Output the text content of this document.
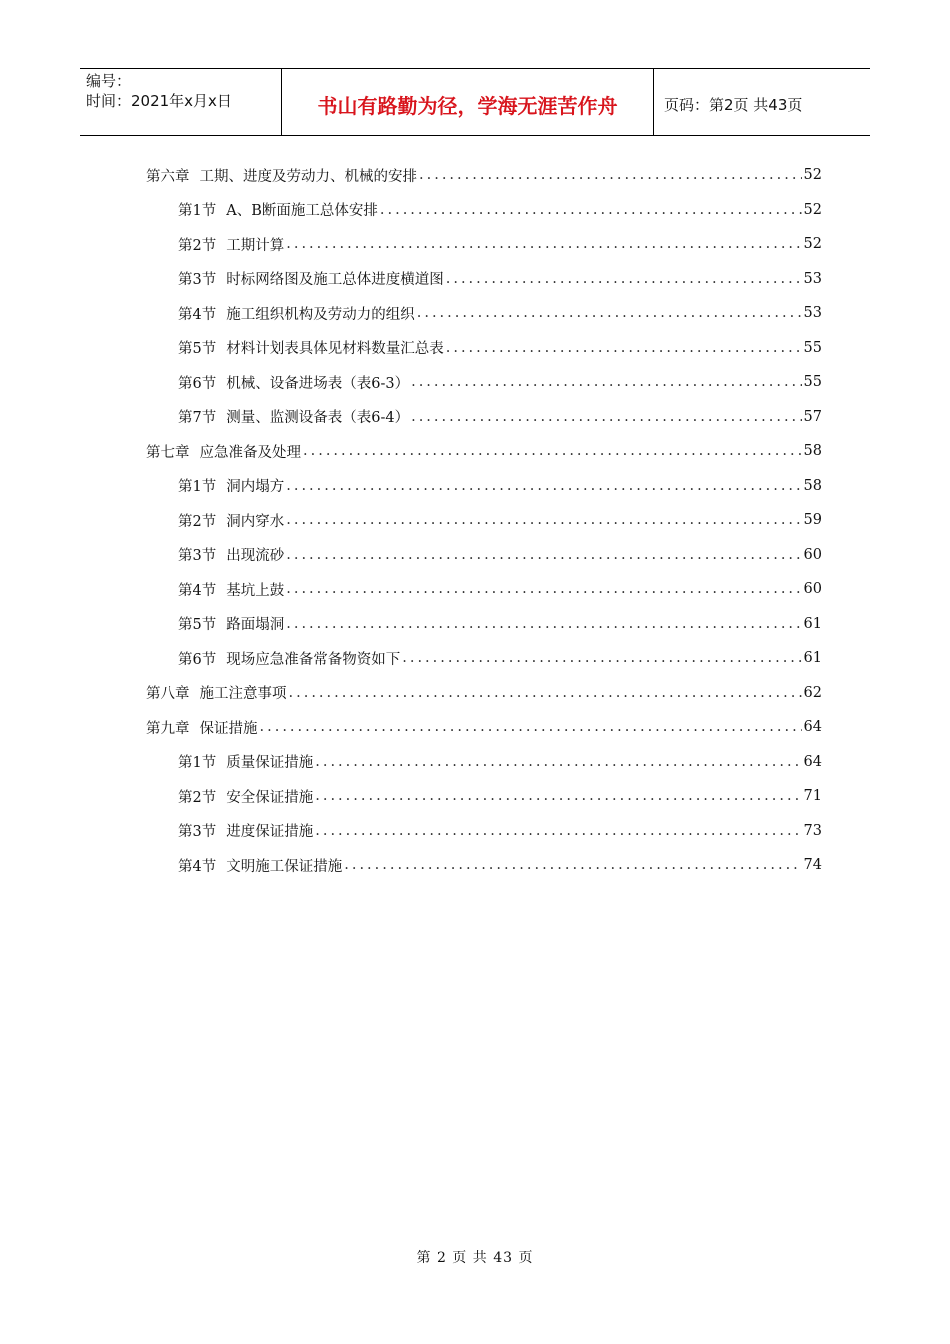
编号：
时间：2021年x月x日	书山有路勤为径，学海无涯苦作舟	页码：第2页 共43页
第六章 工期、进度及劳动力、机械的安排 .....	52
第1节 A、B断面施工总体安排 .....	52
第2节 工期计算 .....	52
第3节 时标网络图及施工总体进度横道图 .....	53
第4节 施工组织机构及劳动力的组织 .....	53
第5节 材料计划表具体见材料数量汇总表 .....	55
第6节 机械、设备进场表（表6-3） .....	55
第7节 测量、监测设备表（表6-4） .....	57
第七章 应急准备及处理 .....	58
第1节 洞内塌方 .....	58
第2节 洞内穿水 .....	59
第3节 出现流砂 .....	60
第4节 基坑上鼓 .....	60
第5节 路面塌洞 .....	61
第6节 现场应急准备常备物资如下 .....	61
第八章 施工注意事项 .....	62
第九章 保证措施 .....	64
第1节 质量保证措施 .....	64
第2节 安全保证措施 .....	71
第3节 进度保证措施 .....	73
第4节 文明施工保证措施 .....	74
第 2 页 共 43 页
